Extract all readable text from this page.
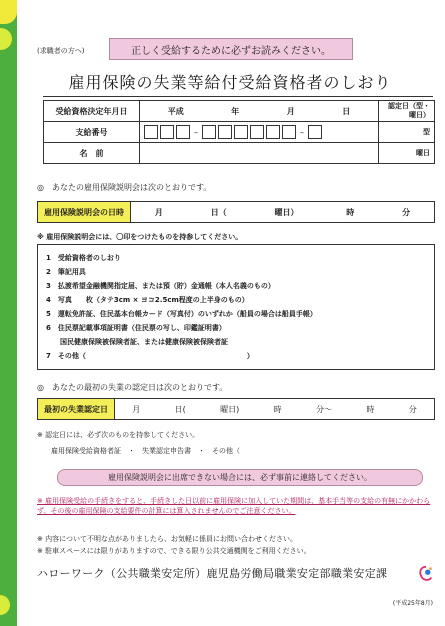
(求職者の方へ)	正しく受給するために必ずお読みください。
雇用保険の失業等給付受給資格者のしおり
受給資格決定年月日	平成 年 月 日	認定日（型・曜日）
支給番号	– –	型
名　前		曜日
◎　あなたの雇用保険説明会は次のとおりです。
雇用保険説明会の日時	月	日（	曜日）	時	分
※ 雇用保険説明会には、〇印をつけたものを持参してください。
1　受給資格者のしおり
2　筆記用具
3　払渡希望金融機関指定届、または預（貯）金通帳（本人名義のもの）
4　写真　　枚（タテ3cm × ヨコ2.5cm程度の上半身のもの）
5　運転免許証、住民基本台帳カード（写真付）のいずれか（船員の場合は船員手帳）
6　住民票記載事項証明書（住民票の写し、印鑑証明書）
　　国民健康保険被保険者証、または健康保険被保険者証
7　その他（　　　　　　　　　　　　　　　　　　　　　　　）
◎　あなたの最初の失業の認定日は次のとおりです。
最初の失業認定日	月	日(	曜日)	時	分～	時	分
※ 認定日には、必ず次のものを持参してください。
雇用保険受給資格者証　・　失業認定申告書　・　その他（
雇用保険説明会に出席できない場合には、必ず事前に連絡してください。
※ 雇用保険受給の手続きをすると、手続きした日以前に雇用保険に加入していた期間は、基本手当等の支給の有無にかかわらず、その後の雇用保険の支給要件の計算には算入されませんのでご注意ください。
※ 内容について不明な点がありましたら、お気軽に係員にお問い合わせください。
※ 駐車スペースには限りがありますので、できる限り公共交通機関をご利用ください。
ハローワーク（公共職業安定所）鹿児島労働局職業安定部職業安定課
(平成25年8月)
